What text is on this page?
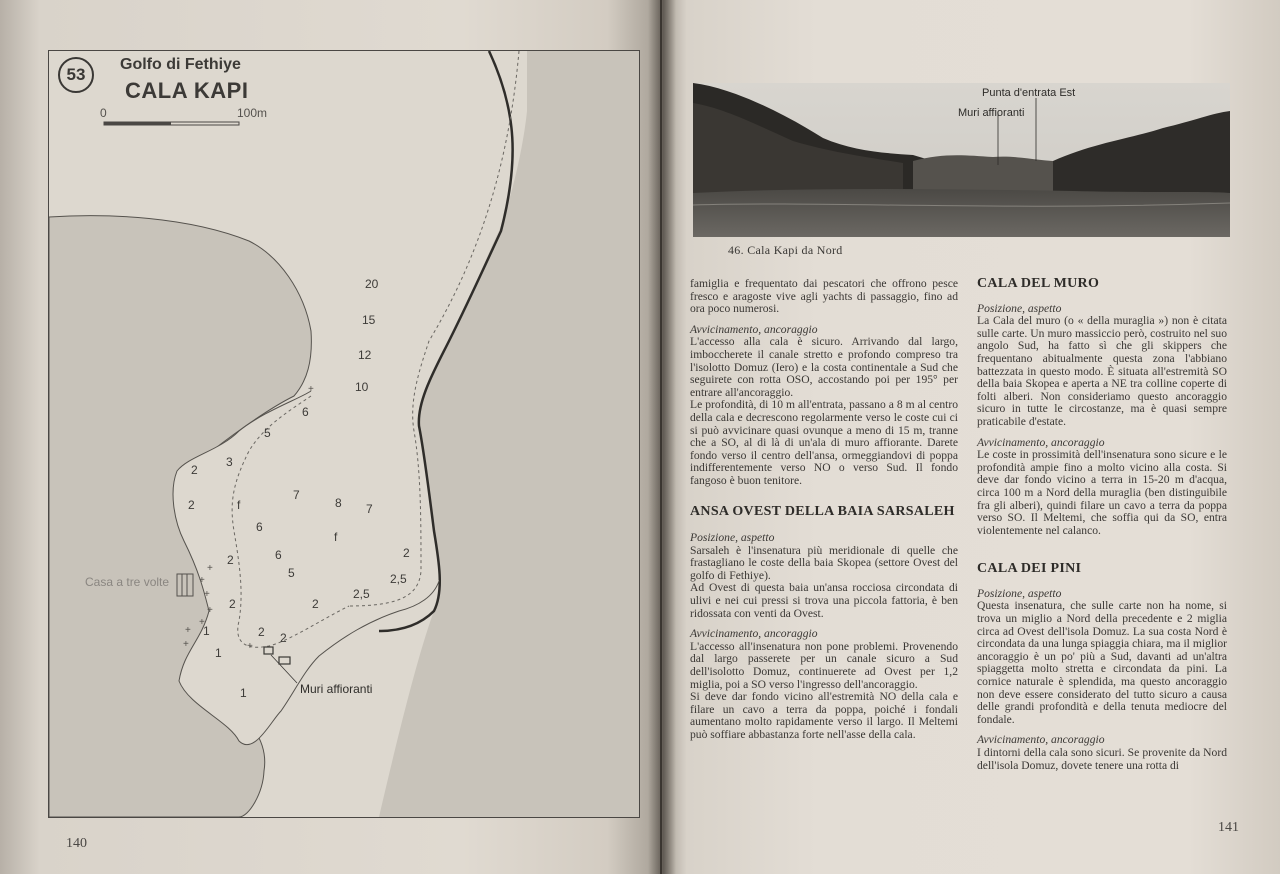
+
+
+
+
+
+
+	+
+
53
Golfo di Fethiye
CALA KAPI
0	100m
20
15
12
10
6
5
3
2
2
7
8 7
f
6
f
2	6
5
2
2,5
2,5
2
2
2 2
1
1
1
Casa a tre volte
Muri affioranti
140
Punta d'entrata Est
Muri affioranti
46. Cala Kapi da Nord

famiglia e frequentato dai pescatori che offrono pesce fresco e aragoste vive agli yachts di passaggio, fino ad ora poco numerosi.

Avvicinamento, ancoraggio

L'accesso alla cala è sicuro. Arrivando dal largo, imboccherete il canale stretto e profondo compreso tra l'isolotto Domuz (Iero) e la costa continentale a Sud che seguirete con rotta OSO, accostando poi per 195° per entrare all'ancoraggio.

Le profondità, di 10 m all'entrata, passano a 8 m al centro della cala e decrescono regolarmente verso le coste cui ci si può avvicinare quasi ovunque a meno di 15 m, tranne che a SO, al di là di un'ala di muro affiorante. Darete fondo verso il centro dell'ansa, ormeggiandovi di poppa indifferentemente verso NO o verso Sud. Il fondo fangoso è buon tenitore.

ANSA OVEST DELLA BAIA SARSALEH

Posizione, aspetto

Sarsaleh è l'insenatura più meridionale di quelle che frastagliano le coste della baia Skopea (settore Ovest del golfo di Fethiye).

Ad Ovest di questa baia un'ansa rocciosa circondata di ulivi e nei cui pressi si trova una piccola fattoria, è ben ridossata con venti da Ovest.

Avvicinamento, ancoraggio

L'accesso all'insenatura non pone problemi. Provenendo dal largo passerete per un canale sicuro a Sud dell'isolotto Domuz, continuerete ad Ovest per 1,2 miglia, poi a SO verso l'ingresso dell'ancoraggio.

Si deve dar fondo vicino all'estremità NO della cala e filare un cavo a terra da poppa, poiché i fondali aumentano molto rapidamente verso il largo. Il Meltemi può soffiare abbastanza forte nell'asse della cala.

CALA DEL MURO

Posizione, aspetto

La Cala del muro (o « della muraglia ») non è citata sulle carte. Un muro massiccio però, costruito nel suo angolo Sud, ha fatto sì che gli skippers che frequentano abitualmente questa zona l'abbiano battezzata in questo modo. È situata all'estremità SO della baia Skopea e aperta a NE tra colline coperte di folti alberi. Non consideriamo questo ancoraggio sicuro in tutte le circostanze, ma è quasi sempre praticabile d'estate.

Avvicinamento, ancoraggio

Le coste in prossimità dell'insenatura sono sicure e le profondità ampie fino a molto vicino alla costa. Si deve dar fondo vicino a terra in 15-20 m d'acqua, circa 100 m a Nord della muraglia (ben distinguibile fra gli alberi), quindi filare un cavo a terra da poppa verso SO. Il Meltemi, che soffia qui da SO, entra violentemente nel calanco.

CALA DEI PINI

Posizione, aspetto

Questa insenatura, che sulle carte non ha nome, si trova un miglio a Nord della precedente e 2 miglia circa ad Ovest dell'isola Domuz. La sua costa Nord è circondata da una lunga spiaggia chiara, ma il miglior ancoraggio è un po' più a Sud, davanti ad un'altra spiaggetta molto stretta e circondata da pini. La cornice naturale è splendida, ma questo ancoraggio non deve essere considerato del tutto sicuro a causa delle grandi profondità e della tenuta mediocre del fondale.

Avvicinamento, ancoraggio

I dintorni della cala sono sicuri. Se provenite da Nord dell'isola Domuz, dovete tenere una rotta di

141
